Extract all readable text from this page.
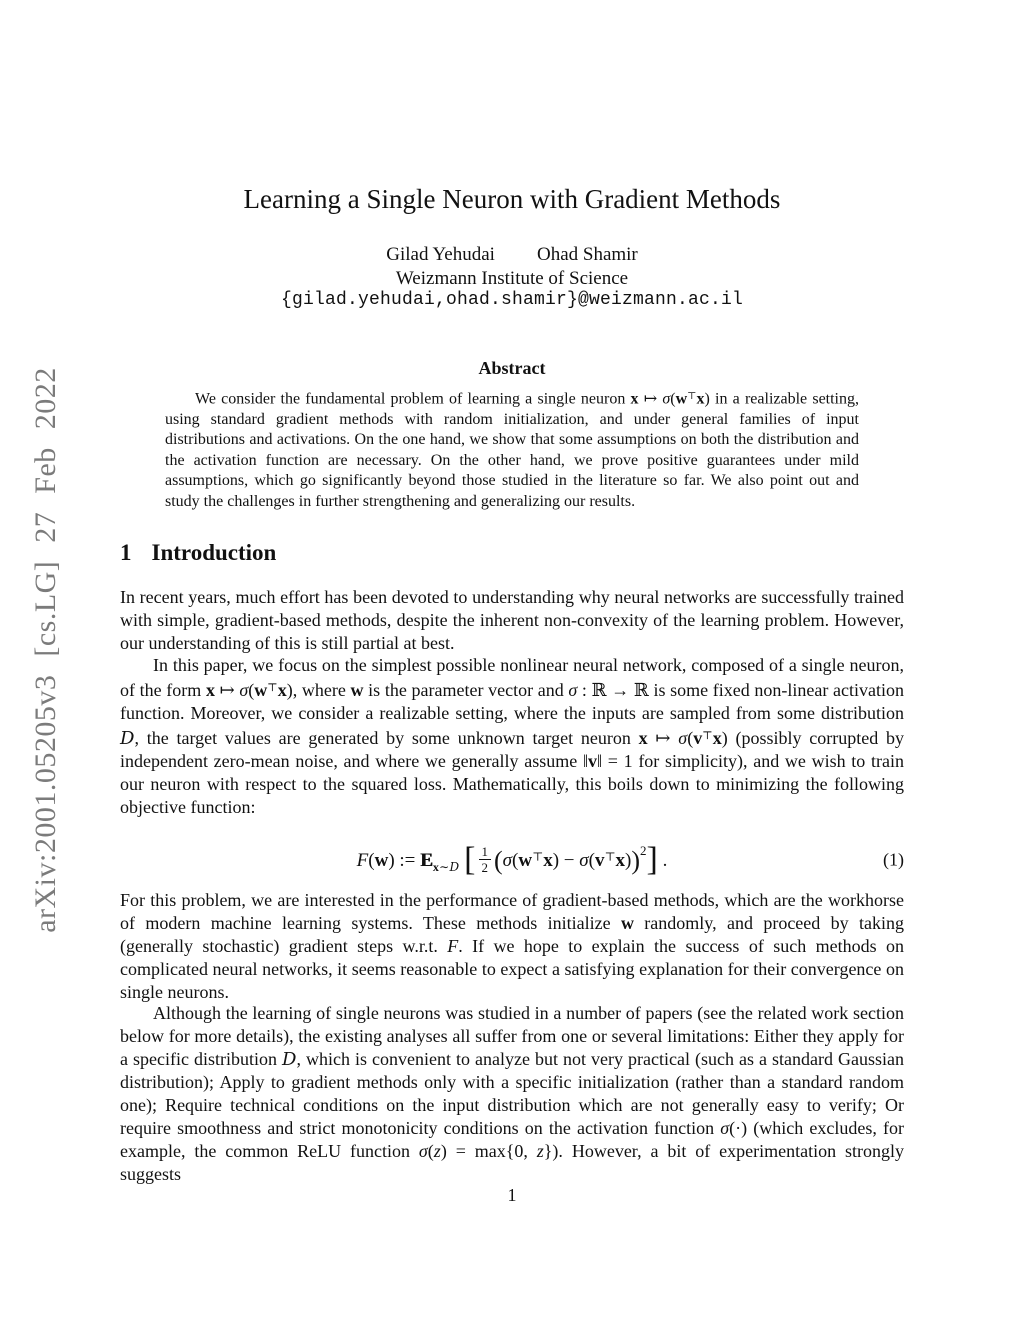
arXiv:2001.05205v3 [cs.LG] 27 Feb 2022
Learning a Single Neuron with Gradient Methods
Gilad Yehudai Ohad Shamir
Weizmann Institute of Science
{gilad.yehudai,ohad.shamir}@weizmann.ac.il
Abstract
We consider the fundamental problem of learning a single neuron x ↦ σ(w⊤x) in a realizable setting, using standard gradient methods with random initialization, and under general families of input distributions and activations. On the one hand, we show that some assumptions on both the distribution and the activation function are necessary. On the other hand, we prove positive guarantees under mild assumptions, which go significantly beyond those studied in the literature so far. We also point out and study the challenges in further strengthening and generalizing our results.
1 Introduction

In recent years, much effort has been devoted to understanding why neural networks are successfully trained with simple, gradient-based methods, despite the inherent non-convexity of the learning problem. However, our understanding of this is still partial at best.

In this paper, we focus on the simplest possible nonlinear neural network, composed of a single neuron, of the form x ↦ σ(w⊤x), where w is the parameter vector and σ : ℝ → ℝ is some fixed non-linear activation function. Moreover, we consider a realizable setting, where the inputs are sampled from some distribution D, the target values are generated by some unknown target neuron x ↦ σ(v⊤x) (possibly corrupted by independent zero-mean noise, and where we generally assume ‖v‖ = 1 for simplicity), and we wish to train our neuron with respect to the squared loss. Mathematically, this boils down to minimizing the following objective function:

F(w) := $E_{x\sim D}$ [ $\frac{1}{2} (\sigma(w^⊤x) - \sigma(v^⊤x))^2$] .	(1)

For this problem, we are interested in the performance of gradient-based methods, which are the workhorse of modern machine learning systems. These methods initialize w randomly, and proceed by taking (generally stochastic) gradient steps w.r.t. F. If we hope to explain the success of such methods on complicated neural networks, it seems reasonable to expect a satisfying explanation for their convergence on single neurons.

Although the learning of single neurons was studied in a number of papers (see the related work section below for more details), the existing analyses all suffer from one or several limitations: Either they apply for a specific distribution D, which is convenient to analyze but not very practical (such as a standard Gaussian distribution); Apply to gradient methods only with a specific initialization (rather than a standard random one); Require technical conditions on the input distribution which are not generally easy to verify; Or require smoothness and strict monotonicity conditions on the activation function σ(·) (which excludes, for example, the common ReLU function σ(z) = max{0, z}). However, a bit of experimentation strongly suggests

1
